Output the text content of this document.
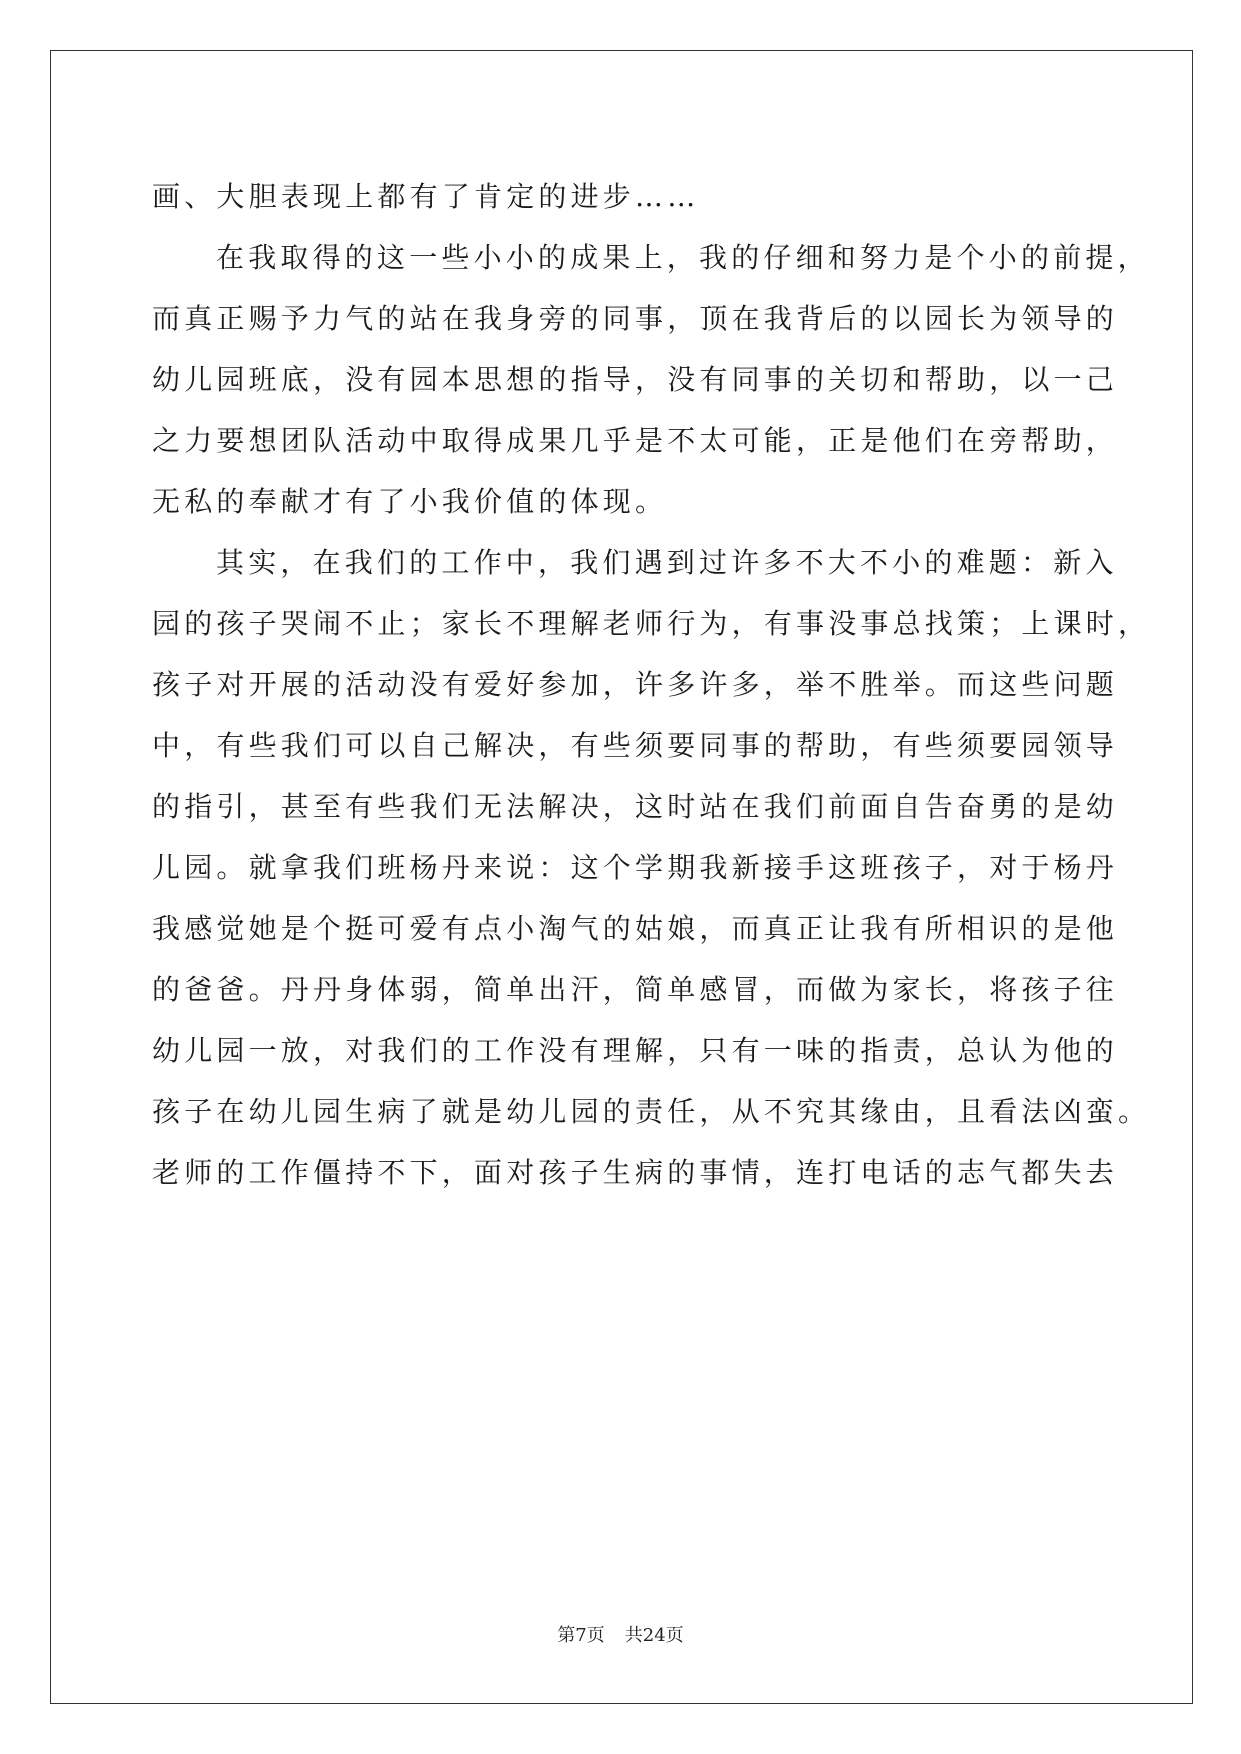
画、大胆表现上都有了肯定的进步……
在我取得的这一些小小的成果上，我的仔细和努力是个小的前提，
而真正赐予力气的站在我身旁的同事，顶在我背后的以园长为领导的
幼儿园班底，没有园本思想的指导，没有同事的关切和帮助，以一己
之力要想团队活动中取得成果几乎是不太可能，正是他们在旁帮助，
无私的奉献才有了小我价值的体现。
其实，在我们的工作中，我们遇到过许多不大不小的难题：新入
园的孩子哭闹不止；家长不理解老师行为，有事没事总找策；上课时，
孩子对开展的活动没有爱好参加，许多许多，举不胜举。而这些问题
中，有些我们可以自己解决，有些须要同事的帮助，有些须要园领导
的指引，甚至有些我们无法解决，这时站在我们前面自告奋勇的是幼
儿园。就拿我们班杨丹来说：这个学期我新接手这班孩子，对于杨丹
我感觉她是个挺可爱有点小淘气的姑娘，而真正让我有所相识的是他
的爸爸。丹丹身体弱，简单出汗，简单感冒，而做为家长，将孩子往
幼儿园一放，对我们的工作没有理解，只有一味的指责，总认为他的
孩子在幼儿园生病了就是幼儿园的责任，从不究其缘由，且看法凶蛮。
老师的工作僵持不下，面对孩子生病的事情，连打电话的志气都失去
第7页 共24页
